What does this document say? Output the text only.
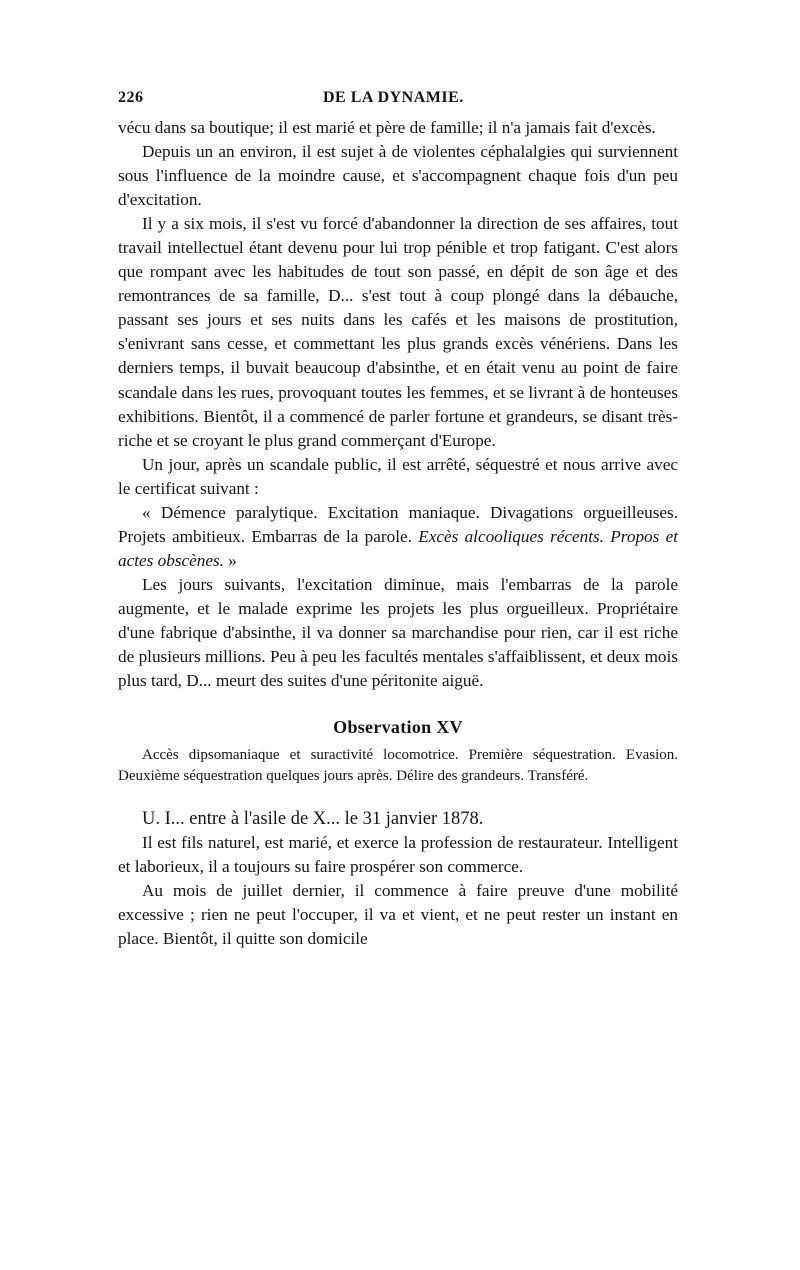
226	DE LA DYNAMIE.

vécu dans sa boutique; il est marié et père de famille; il n'a jamais fait d'excès.

Depuis un an environ, il est sujet à de violentes céphalalgies qui surviennent sous l'influence de la moindre cause, et s'accompagnent chaque fois d'un peu d'excitation.

Il y a six mois, il s'est vu forcé d'abandonner la direction de ses affaires, tout travail intellectuel étant devenu pour lui trop pénible et trop fatigant. C'est alors que rompant avec les habitudes de tout son passé, en dépit de son âge et des remontrances de sa famille, D... s'est tout à coup plongé dans la débauche, passant ses jours et ses nuits dans les cafés et les maisons de prostitution, s'enivrant sans cesse, et commettant les plus grands excès vénériens. Dans les derniers temps, il buvait beaucoup d'absinthe, et en était venu au point de faire scandale dans les rues, provoquant toutes les femmes, et se livrant à de honteuses exhibitions. Bientôt, il a commencé de parler fortune et grandeurs, se disant très-riche et se croyant le plus grand commerçant d'Europe.

Un jour, après un scandale public, il est arrêté, séquestré et nous arrive avec le certificat suivant :

« Démence paralytique. Excitation maniaque. Divagations orgueilleuses. Projets ambitieux. Embarras de la parole. Excès alcooliques récents. Propos et actes obscènes. »

Les jours suivants, l'excitation diminue, mais l'embarras de la parole augmente, et le malade exprime les projets les plus orgueilleux. Propriétaire d'une fabrique d'absinthe, il va donner sa marchandise pour rien, car il est riche de plusieurs millions. Peu à peu les facultés mentales s'affaiblissent, et deux mois plus tard, D... meurt des suites d'une péritonite aiguë.

Observation XV

Accès dipsomaniaque et suractivité locomotrice. Première séquestration. Evasion. Deuxième séquestration quelques jours après. Délire des grandeurs. Transféré.

U. I... entre à l'asile de X... le 31 janvier 1878.

Il est fils naturel, est marié, et exerce la profession de restaurateur. Intelligent et laborieux, il a toujours su faire prospérer son commerce.

Au mois de juillet dernier, il commence à faire preuve d'une mobilité excessive ; rien ne peut l'occuper, il va et vient, et ne peut rester un instant en place. Bientôt, il quitte son domicile
